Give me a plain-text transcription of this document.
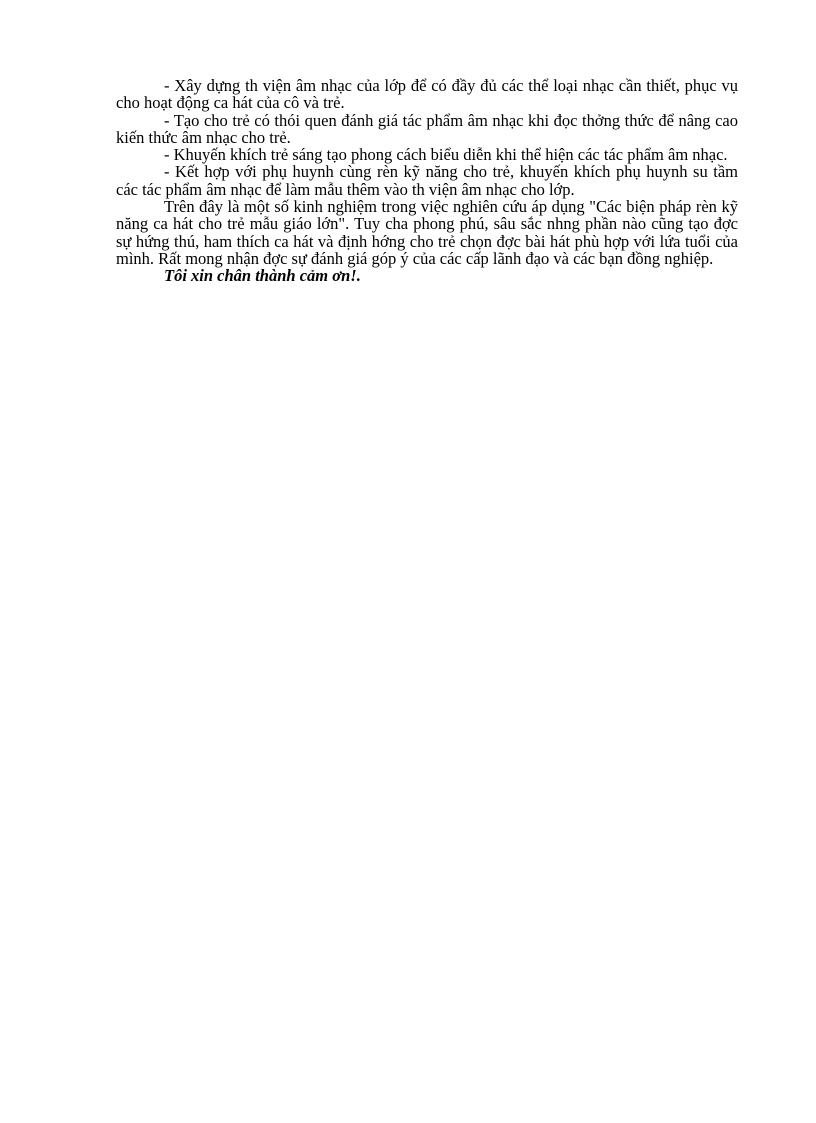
- Xây dựng th viện âm nhạc của lớp để có đầy đủ các thể loại nhạc cần thiết, phục vụ cho hoạt động ca hát của cô và trẻ.

- Tạo cho trẻ có thói quen đánh giá tác phẩm âm nhạc khi đọc thởng thức để nâng cao kiến thức âm nhạc cho trẻ.

- Khuyến khích trẻ sáng tạo phong cách biểu diễn khi thể hiện các tác phẩm âm nhạc.

- Kết hợp với phụ huynh cùng rèn kỹ năng cho trẻ, khuyến khích phụ huynh su tầm các tác phẩm âm nhạc để làm mẫu thêm vào th viện âm nhạc cho lớp.

Trên đây là một số kinh nghiệm trong việc nghiên cứu áp dụng "Các biện pháp rèn kỹ năng ca hát cho trẻ mẫu giáo lớn". Tuy cha phong phú, sâu sắc nhng phần nào cũng tạo đợc sự hứng thú, ham thích ca hát và định hớng cho trẻ chọn đợc bài hát phù hợp với lứa tuổi của mình. Rất mong nhận đợc sự đánh giá góp ý của các cấp lãnh đạo và các bạn đồng nghiệp.

Tôi xin chân thành cảm ơn!.
